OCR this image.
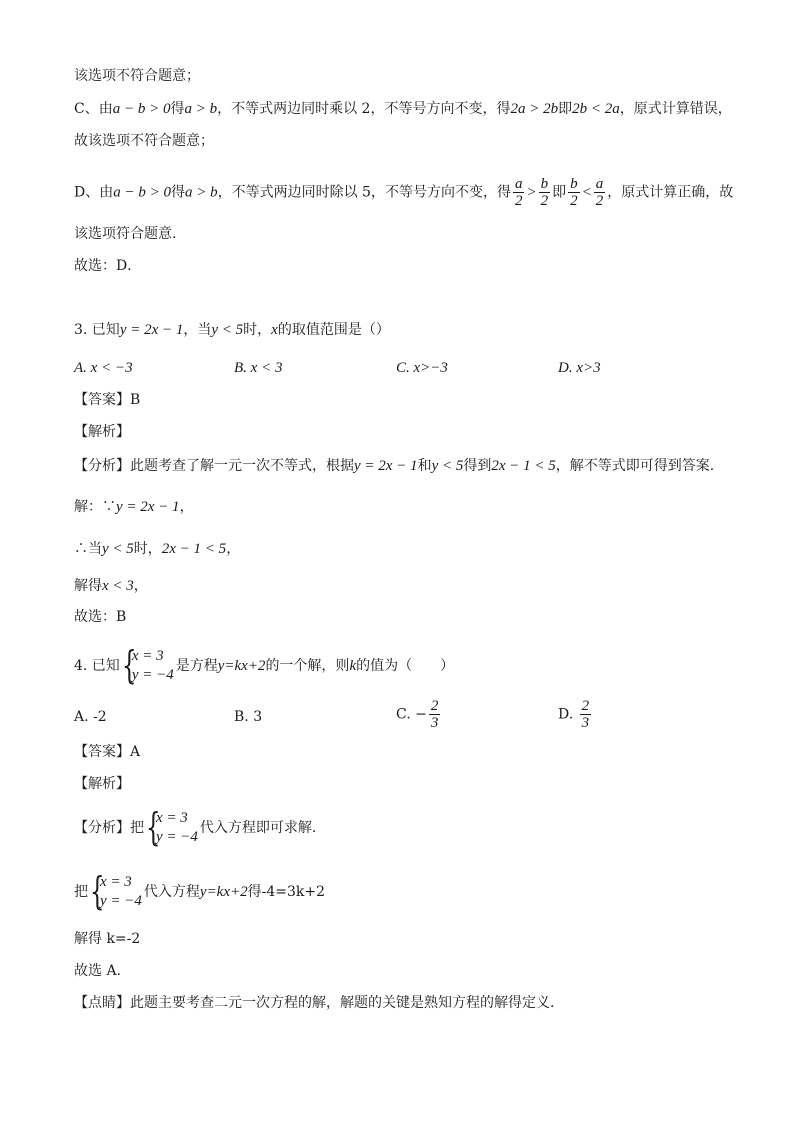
该选项不符合题意；
C、由a − b > 0得a > b，不等式两边同时乘以 2，不等号方向不变，得2a > 2b即2b < 2a，原式计算错误，
故该选项不符合题意；
D、由a − b > 0得a > b，不等式两边同时除以 5，不等号方向不变，得 $\frac{a}{2} > \frac{b}{2}$ 即 $\frac{b}{2} < \frac{a}{2}$ ，原式计算正确，故
该选项符合题意.
故选：D．
3. 已知y = 2x − 1，当y < 5时，x的取值范围是（）
A. x < −3	B. x < 3	C. x>−3	D. x>3
【答案】B
【解析】
【分析】此题考查了解一元一次不等式，根据y = 2x − 1和y < 5得到2x − 1 < 5，解不等式即可得到答案.
解：∵y = 2x − 1，
∴当y < 5时，2x − 1 < 5，
解得x < 3，
故选：B
4. 已知 {
x = 3
y = −4
是方程y=kx+2的一个解，则k的值为（　　）
A. -2	B. 3	C. − $\frac{2}{3}$	D. $\frac{2}{3}$
【答案】A
【解析】
【分析】把 {
x = 3
y = −4
代入方程即可求解.
把 {
x = 3
y = −4
代入方程y=kx+2得-4=3k+2
解得 k=-2
故选 A.
【点睛】此题主要考查二元一次方程的解，解题的关键是熟知方程的解得定义.
